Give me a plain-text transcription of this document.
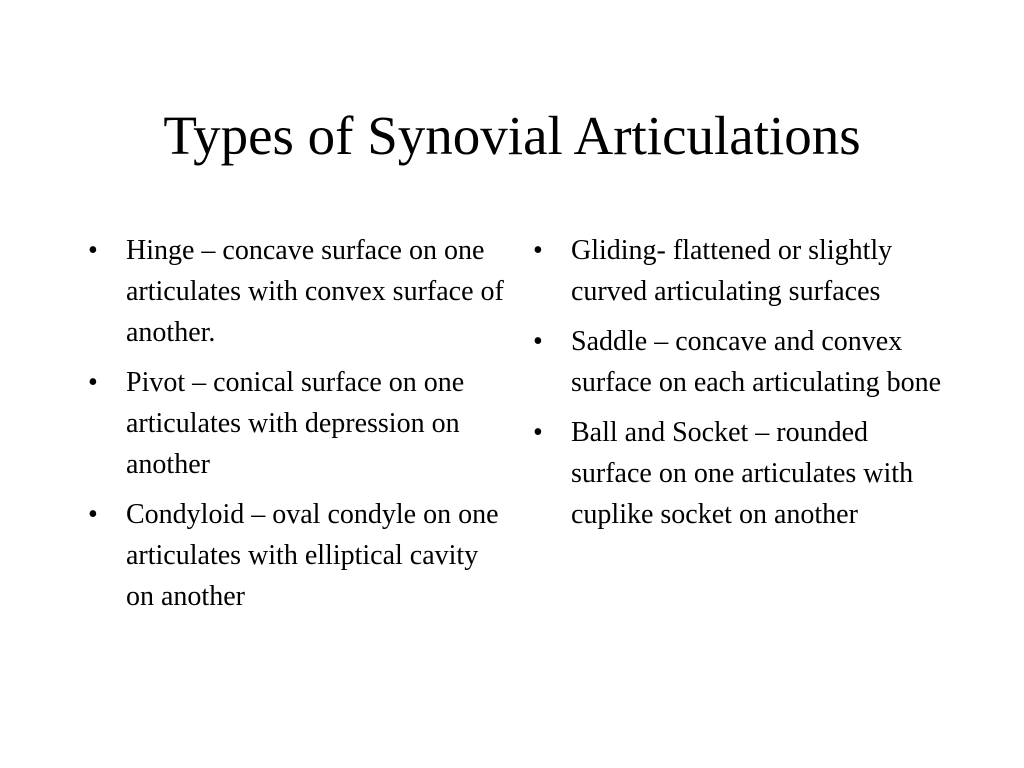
Types of Synovial Articulations
• Hinge – concave surface on one articulates with convex surface of another.
• Pivot – conical surface on one articulates with depression on another
• Condyloid – oval condyle on one articulates with elliptical cavity on another
• Gliding- flattened or slightly curved articulating surfaces
• Saddle – concave and convex surface on each articulating bone
• Ball and Socket – rounded surface on one articulates with cuplike socket on another
